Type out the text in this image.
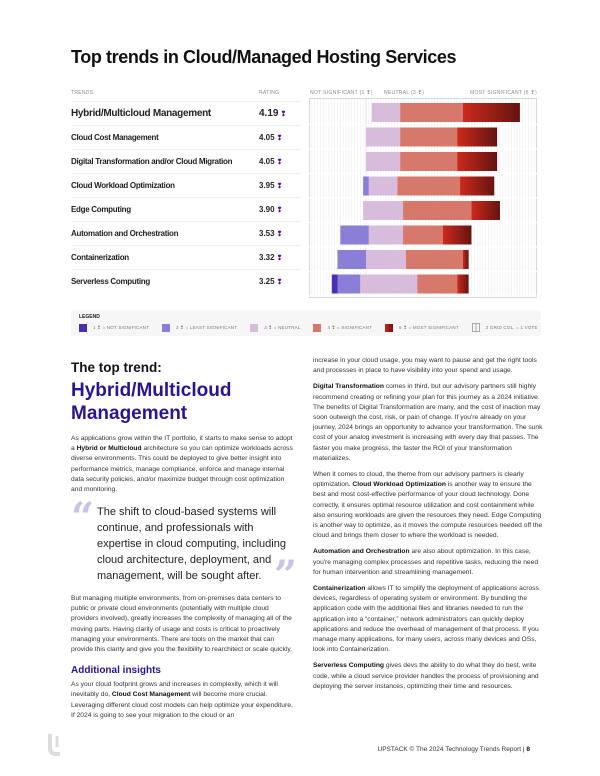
Top trends in Cloud/Managed Hosting Services
TRENDS	RATING	NOT SIGNIFICANT (1 ❢) NEUTRAL (3 ❢)	MOST SIGNIFICANT (5 ❢)
Hybrid/Multicloud Management	4.19 ❢
Cloud Cost Management	4.05 ❢
Digital Transformation and/or Cloud Migration	4.05 ❢
Cloud Workload Optimization	3.95 ❢
Edge Computing	3.90 ❢
Automation and Orchestration	3.53 ❢
Containerization	3.32 ❢
Serverless Computing	3.25 ❢
LEGEND
1 ❢ = NOT SIGNIFICANT	2 ❢ = LEAST SIGNIFICANT	3 ❢ = NEUTRAL	4 ❢ = SIGNIFICANT	5 ❢ = MOST SIGNIFICANT	2 GRID COL. = 1 VOTE
The top trend:
Hybrid/Multicloud Management

As applications grow within the IT portfolio, it starts to make sense to adopt a Hybrid or Multicloud architecture so you can optimize workloads across diverse environments. This could be deployed to give better insight into performance metrics, manage compliance, enforce and manage internal data security policies, and/or maximize budget through cost optimization and monitoring.

“ The shift to cloud-based systems will continue, and professionals with expertise in cloud computing, including cloud architecture, deployment, and management, will be sought after. ”

But managing multiple environments, from on-premises data centers to public or private cloud environments (potentially with multiple cloud providers involved), greatly increases the complexity of managing all of the moving parts. Having clarity of usage and costs is critical to proactively managing your environments. There are tools on the market that can provide this clarity and give you the flexibility to rearchitect or scale quickly.

Additional insights

As your cloud footprint grows and increases in complexity, which it will inevitably do, Cloud Cost Management will become more crucial. Leveraging different cloud cost models can help optimize your expenditure. If 2024 is going to see your migration to the cloud or an

increase in your cloud usage, you may want to pause and get the right tools and processes in place to have visibility into your spend and usage.

Digital Transformation comes in third, but our advisory partners still highly recommend creating or refining your plan for this journey as a 2024 initiative. The benefits of Digital Transformation are many, and the cost of inaction may soon outweigh the cost, risk, or pain of change. If you're already on your journey, 2024 brings an opportunity to advance your transformation. The sunk cost of your analog investment is increasing with every day that passes. The faster you make progress, the faster the ROI of your transformation materializes.

When it comes to cloud, the theme from our advisory partners is clearly optimization. Cloud Workload Optimization is another way to ensure the best and most cost-effective performance of your cloud technology. Done correctly, it ensures optimal resource utilization and cost containment while also ensuring workloads are given the resources they need. Edge Computing is another way to optimize, as it moves the compute resources needed off the cloud and brings them closer to where the workload is needed.

Automation and Orchestration are also about optimization. In this case, you're managing complex processes and repetitive tasks, reducing the need for human intervention and streamlining management.

Containerization allows IT to simplify the deployment of applications across devices, regardless of operating system or environment. By bundling the application code with the additional files and libraries needed to run the application into a “container,” network administrators can quickly deploy applications and reduce the overhead of management of that process. If you manage many applications, for many users, across many devices and OSs, look into Containerization.

Serverless Computing gives devs the ability to do what they do best, write code, while a cloud service provider handles the process of provisioning and deploying the server instances, optimizing their time and resources.

UPSTACK © The 2024 Technology Trends Report | 8
